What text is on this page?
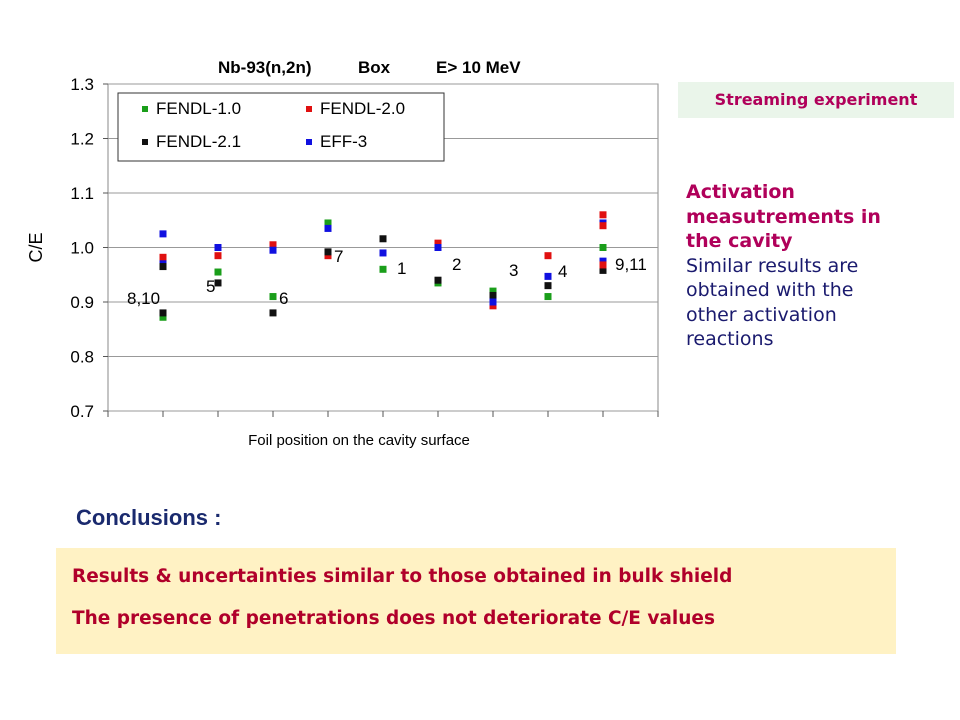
0.7
0.8
0.9
1.0
1.1
1.2
1.3
Nb-93(n,2n)	Box	E> 10 MeV
C/E
Foil position on the cavity surface
8,10
5
6
7
1	2	3 4	9,11
FENDL-1.0	FENDL-2.0
FENDL-2.1	EFF-3
Streaming experiment
Activation measutrements in the cavity
Similar results are obtained with the other activation reactions
Conclusions :
Results & uncertainties similar to those obtained in bulk shield
The presence of penetrations does not deteriorate C/E values
